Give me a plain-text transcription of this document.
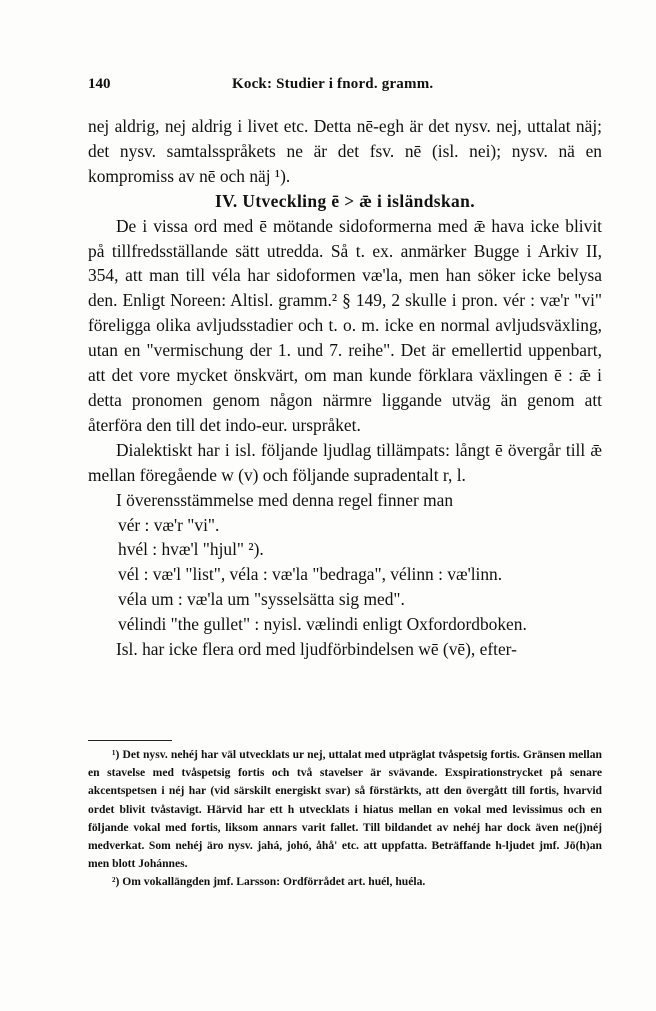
140	Kock: Studier i fnord. gramm.

nej aldrig, nej aldrig i livet etc. Detta nē-egh är det nysv. nej, uttalat näj; det nysv. samtalsspråkets ne är det fsv. nē (isl. nei); nysv. nä en kompromiss av nē och näj ¹).

IV. Utveckling ē > ǣ i isländskan.

De i vissa ord med ē mötande sidoformerna med ǣ hava icke blivit på tillfredsställande sätt utredda. Så t. ex. anmärker Bugge i Arkiv II, 354, att man till véla har sidoformen væ'la, men han söker icke belysa den. Enligt Noreen: Altisl. gramm.² § 149, 2 skulle i pron. vér : væ'r "vi" föreligga olika avljudsstadier och t. o. m. icke en normal avljudsväxling, utan en "vermischung der 1. und 7. reihe". Det är emellertid uppenbart, att det vore mycket önskvärt, om man kunde förklara växlingen ē : ǣ i detta pronomen genom någon närmre liggande utväg än genom att återföra den till det indo-eur. urspråket.

Dialektiskt har i isl. följande ljudlag tillämpats: långt ē övergår till ǣ mellan föregående w (v) och följande supradentalt r, l.

I överensstämmelse med denna regel finner man

vér : væ'r "vi".

hvél : hvæ'l "hjul" ²).

vél : væ'l "list", véla : væ'la "bedraga", vélinn : væ'linn.

véla um : væ'la um "sysselsätta sig med".

vélindi "the gullet" : nyisl. vælindi enligt Oxfordordboken.

Isl. har icke flera ord med ljudförbindelsen wē (vē), efter-

¹) Det nysv. nehéj har väl utvecklats ur nej, uttalat med utpräglat tvåspetsig fortis. Gränsen mellan en stavelse med tvåspetsig fortis och två stavelser är svävande. Exspirationstrycket på senare akcentspetsen i néj har (vid särskilt energiskt svar) så förstärkts, att den övergått till fortis, hvarvid ordet blivit tvåstavigt. Härvid har ett h utvecklats i hiatus mellan en vokal med levissimus och en följande vokal med fortis, liksom annars varit fallet. Till bildandet av nehéj har dock även ne(j)néj medverkat. Som nehéj äro nysv. jahá, johó, åhå' etc. att uppfatta. Beträffande h-ljudet jmf. Jō(h)an men blott Johánnes.

²) Om vokallängden jmf. Larsson: Ordförrådet art. huél, huéla.
